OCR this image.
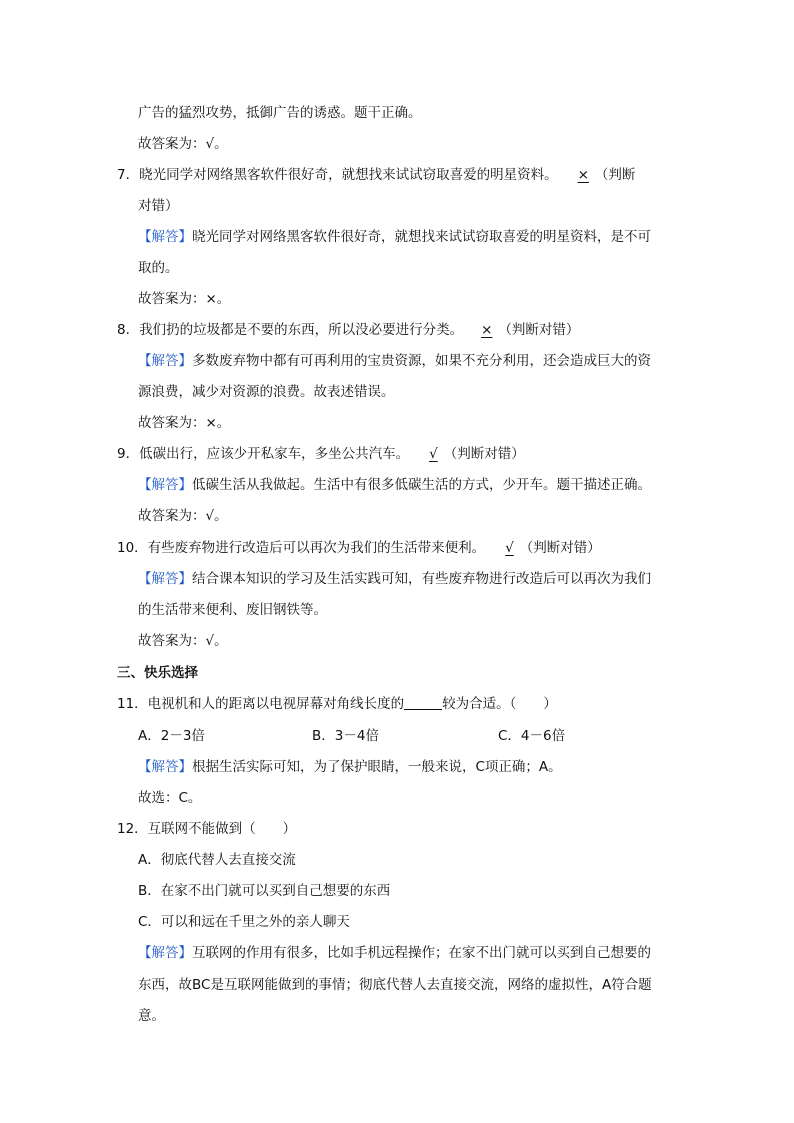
广告的猛烈攻势，抵御广告的诱惑。题干正确。
故答案为：√。
7．晓光同学对网络黑客软件很好奇，就想找来试试窃取喜爱的明星资料。 × （判断
对错）
【解答】晓光同学对网络黑客软件很好奇，就想找来试试窃取喜爱的明星资料，是不可
取的。
故答案为：×。
8．我们扔的垃圾都是不要的东西，所以没必要进行分类。 × （判断对错）
【解答】多数废弃物中都有可再利用的宝贵资源，如果不充分利用，还会造成巨大的资
源浪费，减少对资源的浪费。故表述错误。
故答案为：×。
9．低碳出行，应该少开私家车，多坐公共汽车。 √ （判断对错）
【解答】低碳生活从我做起。生活中有很多低碳生活的方式，少开车。题干描述正确。
故答案为：√。
10．有些废弃物进行改造后可以再次为我们的生活带来便利。 √ （判断对错）
【解答】结合课本知识的学习及生活实践可知，有些废弃物进行改造后可以再次为我们
的生活带来便利、废旧钢铁等。
故答案为：√。
三、快乐选择
11．电视机和人的距离以电视屏幕对角线长度的	较为合适。（　　）
A．2－3倍	B．3－4倍	C．4－6倍
【解答】根据生活实际可知，为了保护眼睛，一般来说，C项正确；A。
故选：C。
12．互联网不能做到（　　）
A．彻底代替人去直接交流
B．在家不出门就可以买到自己想要的东西
C．可以和远在千里之外的亲人聊天
【解答】互联网的作用有很多，比如手机远程操作；在家不出门就可以买到自己想要的
东西，故BC是互联网能做到的事情；彻底代替人去直接交流，网络的虚拟性，A符合题
意。
